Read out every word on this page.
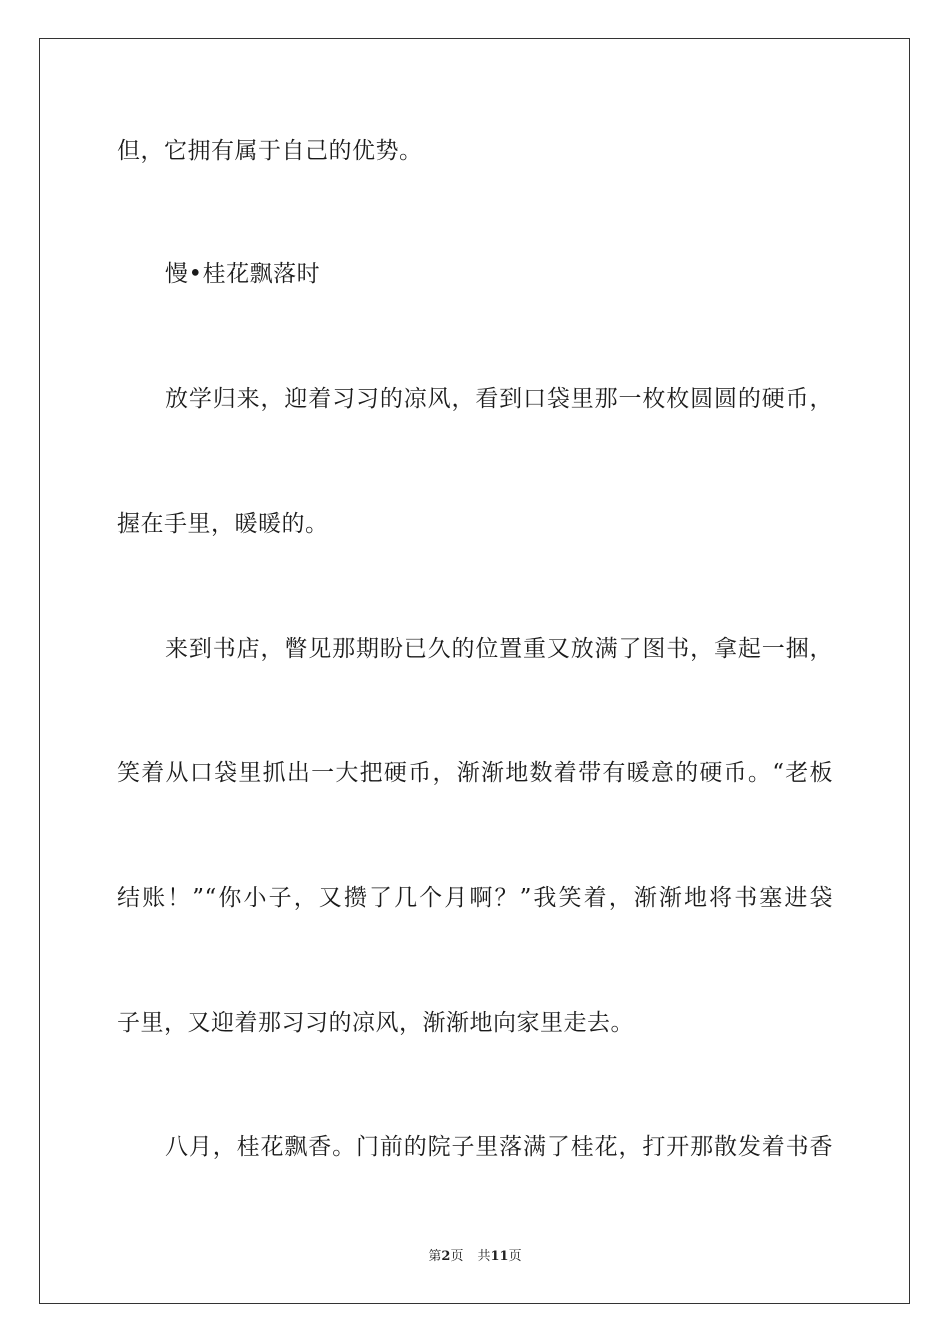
但，它拥有属于自己的优势。
慢•桂花飘落时
放学归来，迎着习习的凉风，看到口袋里那一枚枚圆圆的硬币，
握在手里，暖暖的。
来到书店，瞥见那期盼已久的位置重又放满了图书，拿起一捆，
笑着从口袋里抓出一大把硬币，渐渐地数着带有暖意的硬币。“老板
结账！”“你小子，又攒了几个月啊？”我笑着，渐渐地将书塞进袋
子里，又迎着那习习的凉风，渐渐地向家里走去。
八月，桂花飘香。门前的院子里落满了桂花，打开那散发着书香
第2页 共11页
